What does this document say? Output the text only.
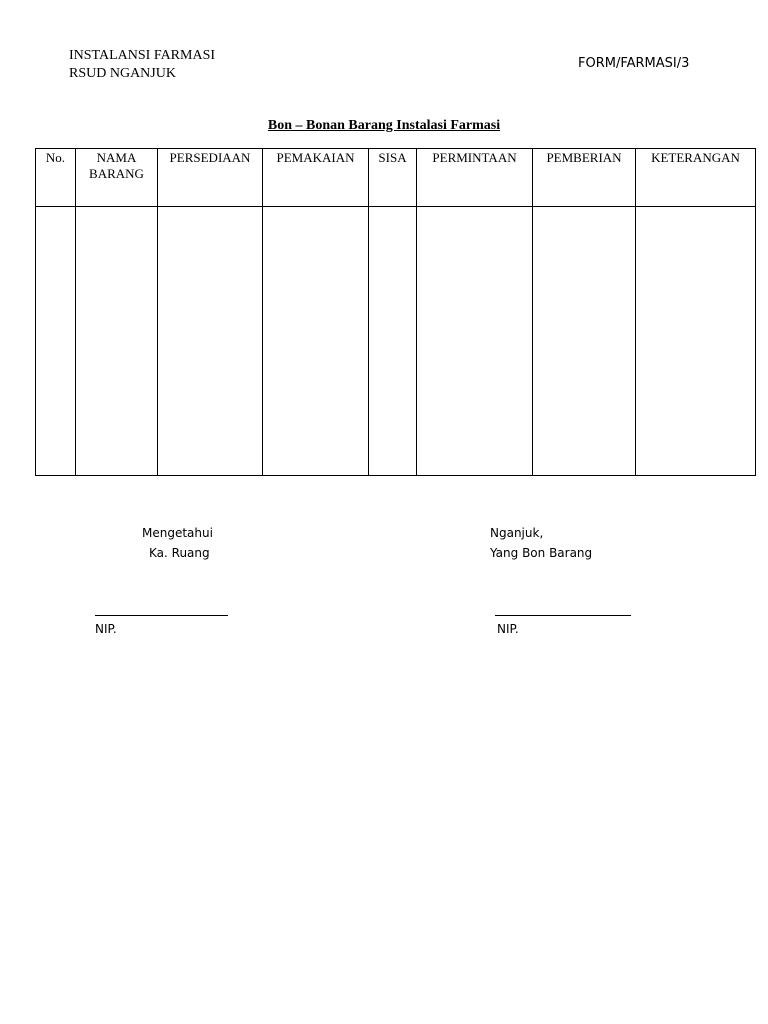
INSTALANSI FARMASI
RSUD NGANJUK
FORM/FARMASI/3
Bon – Bonan Barang Instalasi Farmasi
No.	NAMA BARANG	PERSEDIAAN	PEMAKAIAN	SISA	PERMINTAAN	PEMBERIAN	KETERANGAN

Mengetahui
Ka. Ruang
NIP.
Nganjuk,
Yang Bon Barang
NIP.
